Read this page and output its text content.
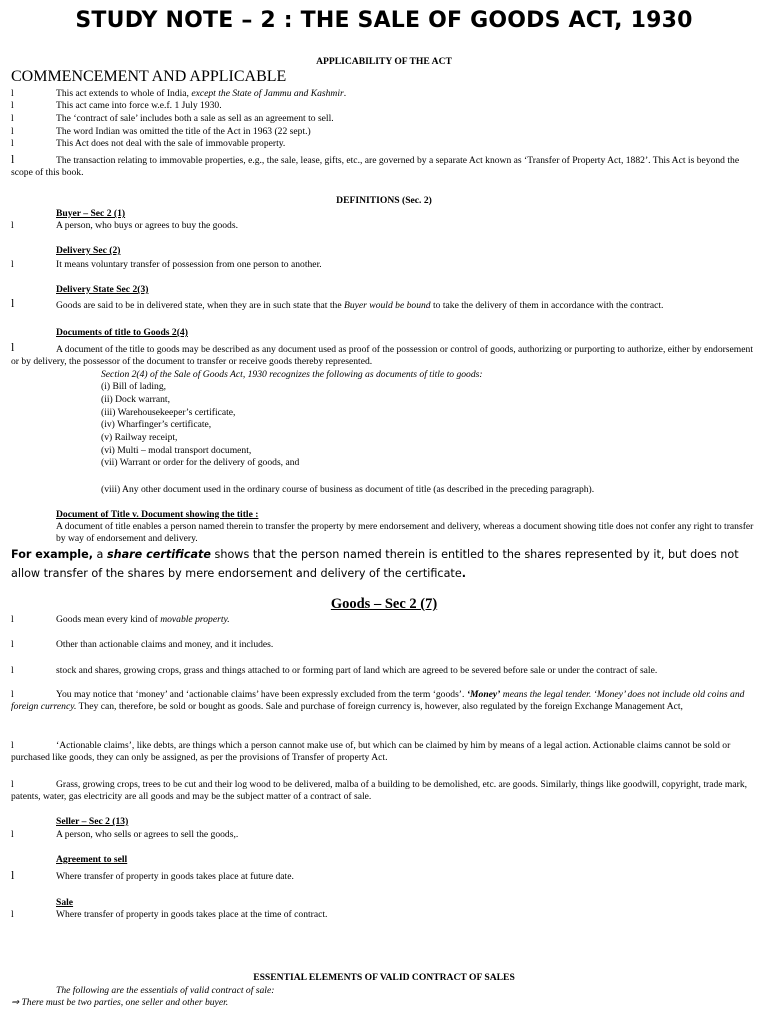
STUDY NOTE – 2 : THE SALE OF GOODS ACT, 1930
APPLICABILITY OF THE ACT
COMMENCEMENT AND APPLICABLE
l	This act extends to whole of India, except the State of Jammu and Kashmir.
l	This act came into force w.e.f. 1 July 1930.
l	The ‘contract of sale’ includes both a sale as sell as an agreement to sell.
l	The word Indian was omitted the title of the Act in 1963 (22 sept.)
l	This Act does not deal with the sale of immovable property.
l	The transaction relating to immovable properties, e.g., the sale, lease, gifts, etc., are governed by a separate Act known as ‘Transfer of Property Act, 1882’. This Act is beyond the scope of this book.
DEFINITIONS (Sec. 2)
Buyer – Sec 2 (1)
l	A person, who buys or agrees to buy the goods.
Delivery Sec (2)
l	It means voluntary transfer of possession from one person to another.
Delivery State Sec 2(3)
l	Goods are said to be in delivered state, when they are in such state that the Buyer would be bound to take the delivery of them in accordance with the contract.
Documents of title to Goods 2(4)
l	A document of the title to goods may be described as any document used as proof of the possession or control of goods, authorizing or purporting to authorize, either by endorsement or by delivery, the possessor of the document to transfer or receive goods thereby represented.
Section 2(4) of the Sale of Goods Act, 1930 recognizes the following as documents of title to goods:
(i) Bill of lading,
(ii) Dock warrant,
(iii) Warehousekeeper’s certificate,
(iv) Wharfinger’s certificate,
(v) Railway receipt,
(vi) Multi – modal transport document,
(vii) Warrant or order for the delivery of goods, and
(viii) Any other document used in the ordinary course of business as document of title (as described in the preceding paragraph).
Document of Title v. Document showing the title :
A document of title enables a person named therein to transfer the property by mere endorsement and delivery, whereas a document showing title does not confer any right to transfer by way of endorsement and delivery.
For example, a share certificate shows that the person named therein is entitled to the shares represented by it, but does not allow transfer of the shares by mere endorsement and delivery of the certificate.
Goods – Sec 2 (7)
l	Goods mean every kind of movable property.
l	Other than actionable claims and money, and it includes.
l	stock and shares, growing crops, grass and things attached to or forming part of land which are agreed to be severed before sale or under the contract of sale.
l	You may notice that ‘money’ and ‘actionable claims’ have been expressly excluded from the term ‘goods’. ‘Money’ means the legal tender. ‘Money’ does not include old coins and foreign currency. They can, therefore, be sold or bought as goods. Sale and purchase of foreign currency is, however, also regulated by the foreign Exchange Management Act,
l	‘Actionable claims’, like debts, are things which a person cannot make use of, but which can be claimed by him by means of a legal action. Actionable claims cannot be sold or purchased like goods, they can only be assigned, as per the provisions of Transfer of property Act.
l	Grass, growing crops, trees to be cut and their log wood to be delivered, malba of a building to be demolished, etc. are goods. Similarly, things like goodwill, copyright, trade mark, patents, water, gas electricity are all goods and may be the subject matter of a contract of sale.
Seller – Sec 2 (13)
l	A person, who sells or agrees to sell the goods,.
Agreement to sell
l	Where transfer of property in goods takes place at future date.
Sale
l	Where transfer of property in goods takes place at the time of contract.
ESSENTIAL ELEMENTS OF VALID CONTRACT OF SALES
The following are the essentials of valid contract of sale:
⇒ There must be two parties, one seller and other buyer.
